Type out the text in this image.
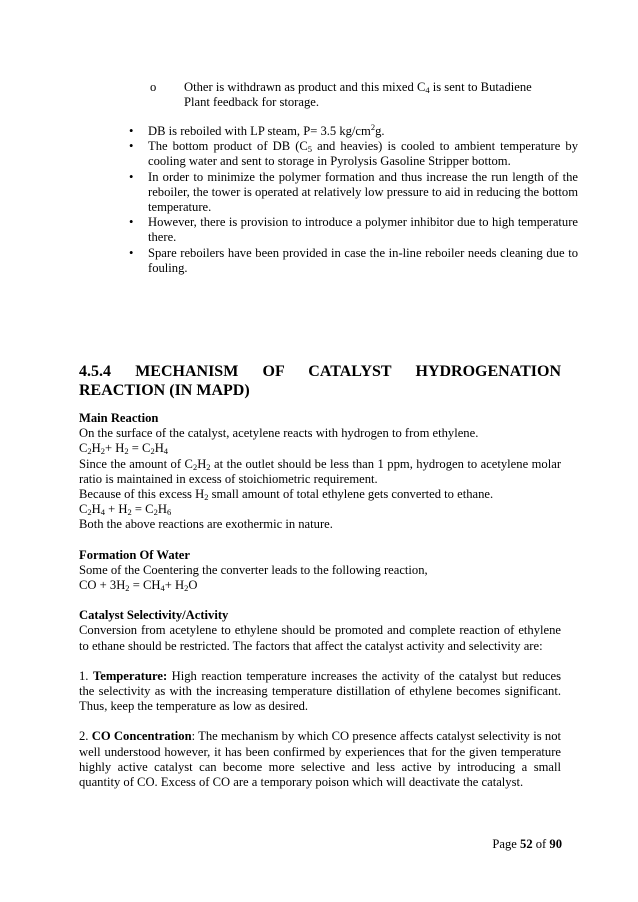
o Other is withdrawn as product and this mixed $C_4$ is sent to Butadiene Plant feedback for storage.
• DB is reboiled with LP steam, P= 3.5 $kg/cm^2g$.
• The bottom product of DB ($C_5$ and heavies) is cooled to ambient temperature by cooling water and sent to storage in Pyrolysis Gasoline Stripper bottom.
• In order to minimize the polymer formation and thus increase the run length of the reboiler, the tower is operated at relatively low pressure to aid in reducing the bottom temperature.
• However, there is provision to introduce a polymer inhibitor due to high temperature there.
• Spare reboilers have been provided in case the in-line reboiler needs cleaning due to fouling.
4.5.4 MECHANISM OF CATALYST HYDROGENATION REACTION (IN MAPD)
Main Reaction
On the surface of the catalyst, acetylene reacts with hydrogen to from ethylene.
$C_2H_2+ H_2 = C_2H_4$
Since the amount of $C_2H_2$ at the outlet should be less than 1 ppm, hydrogen to acetylene molar ratio is maintained in excess of stoichiometric requirement.
Because of this excess $H_2$ small amount of total ethylene gets converted to ethane.
$C_2H_4 + H_2 = C_2H_6$
Both the above reactions are exothermic in nature.
Formation Of Water
Some of the Coentering the converter leads to the following reaction,
CO + $3H_2 = CH_4+ H_2O$
Catalyst Selectivity/Activity
Conversion from acetylene to ethylene should be promoted and complete reaction of ethylene to ethane should be restricted. The factors that affect the catalyst activity and selectivity are:
1. Temperature: High reaction temperature increases the activity of the catalyst but reduces the selectivity as with the increasing temperature distillation of ethylene becomes significant. Thus, keep the temperature as low as desired.
2. CO Concentration: The mechanism by which CO presence affects catalyst selectivity is not well understood however, it has been confirmed by experiences that for the given temperature highly active catalyst can become more selective and less active by introducing a small quantity of CO. Excess of CO are a temporary poison which will deactivate the catalyst.
Page 52 of 90
